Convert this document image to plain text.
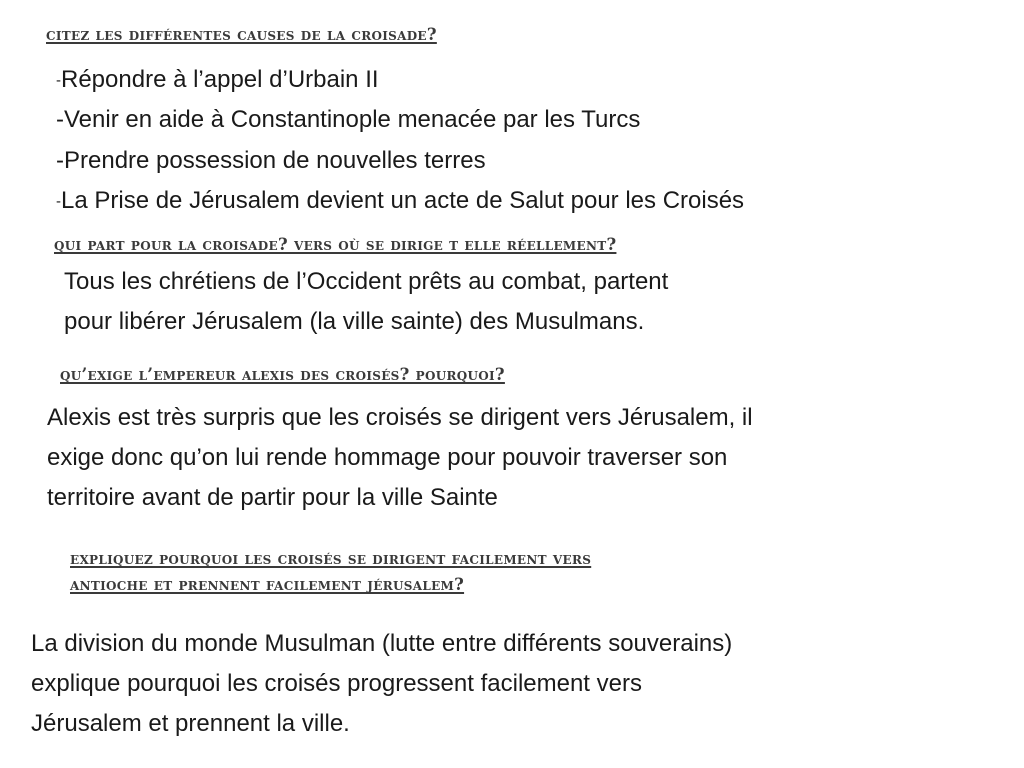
citez les différentes causes de la croisade?

-Répondre à l’appel d’Urbain II

-Venir en aide à Constantinople menacée par les Turcs

-Prendre possession de nouvelles terres

-La Prise de Jérusalem devient un acte de Salut pour les Croisés

qui part pour la croisade? vers où se dirige t elle réellement?
Tous les chrétiens de l’Occident prêts au combat, partent
pour libérer Jérusalem (la ville sainte) des Musulmans.
qu’exige l’empereur alexis des croisés? pourquoi?
Alexis est très surpris que les croisés se dirigent vers Jérusalem, il
exige donc qu’on lui rende hommage pour pouvoir traverser son
territoire avant de partir pour la ville Sainte
expliquez pourquoi les croisés se dirigent facilement vers
antioche et prennent facilement jérusalem?
La division du monde Musulman (lutte entre différents souverains)
explique pourquoi les croisés progressent facilement vers
Jérusalem et prennent la ville.
